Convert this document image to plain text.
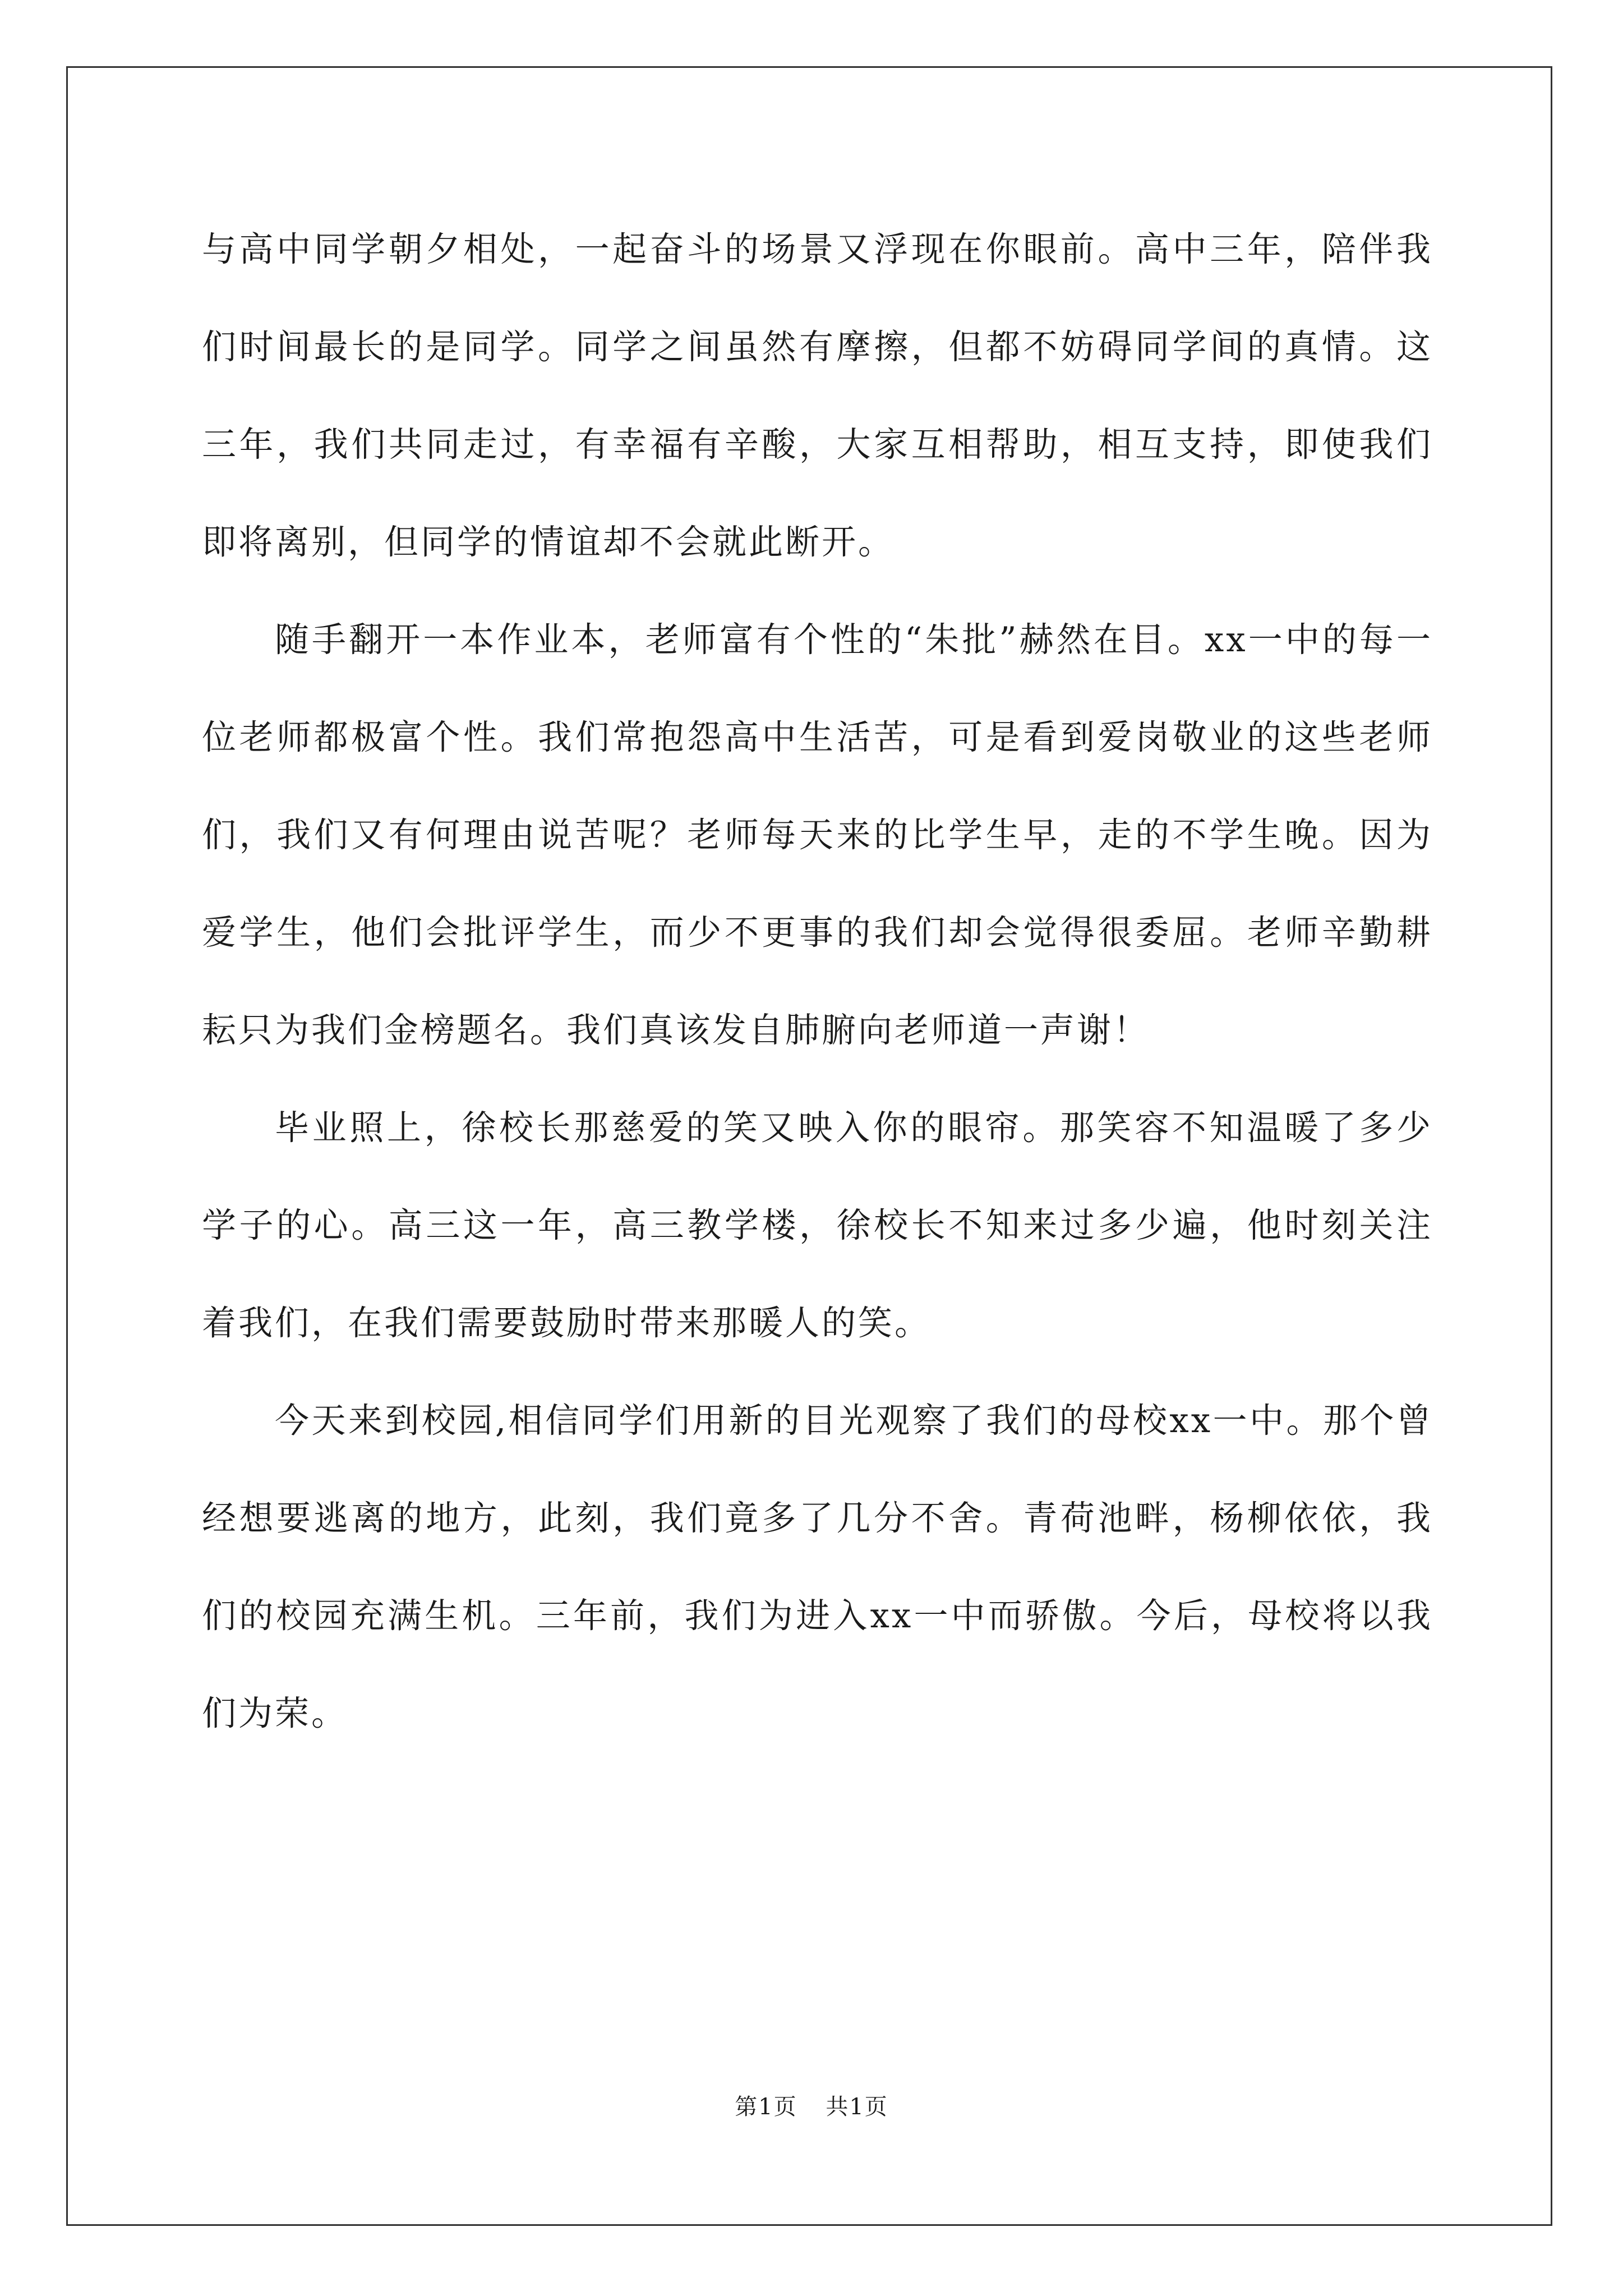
与高中同学朝夕相处，一起奋斗的场景又浮现在你眼前。高中三年，陪伴我们时间最长的是同学。同学之间虽然有摩擦，但都不妨碍同学间的真情。这三年，我们共同走过，有幸福有辛酸，大家互相帮助，相互支持，即使我们即将离别，但同学的情谊却不会就此断开。

随手翻开一本作业本，老师富有个性的“朱批”赫然在目。xx一中的每一位老师都极富个性。我们常抱怨高中生活苦，可是看到爱岗敬业的这些老师们，我们又有何理由说苦呢？老师每天来的比学生早，走的不学生晚。因为爱学生，他们会批评学生，而少不更事的我们却会觉得很委屈。老师辛勤耕耘只为我们金榜题名。我们真该发自肺腑向老师道一声谢！

毕业照上，徐校长那慈爱的笑又映入你的眼帘。那笑容不知温暖了多少学子的心。高三这一年，高三教学楼，徐校长不知来过多少遍，他时刻关注着我们，在我们需要鼓励时带来那暖人的笑。

今天来到校园,相信同学们用新的目光观察了我们的母校xx一中。那个曾经想要逃离的地方，此刻，我们竟多了几分不舍。青荷池畔，杨柳依依，我们的校园充满生机。三年前，我们为进入xx一中而骄傲。今后，母校将以我们为荣。

第1页 共1页
